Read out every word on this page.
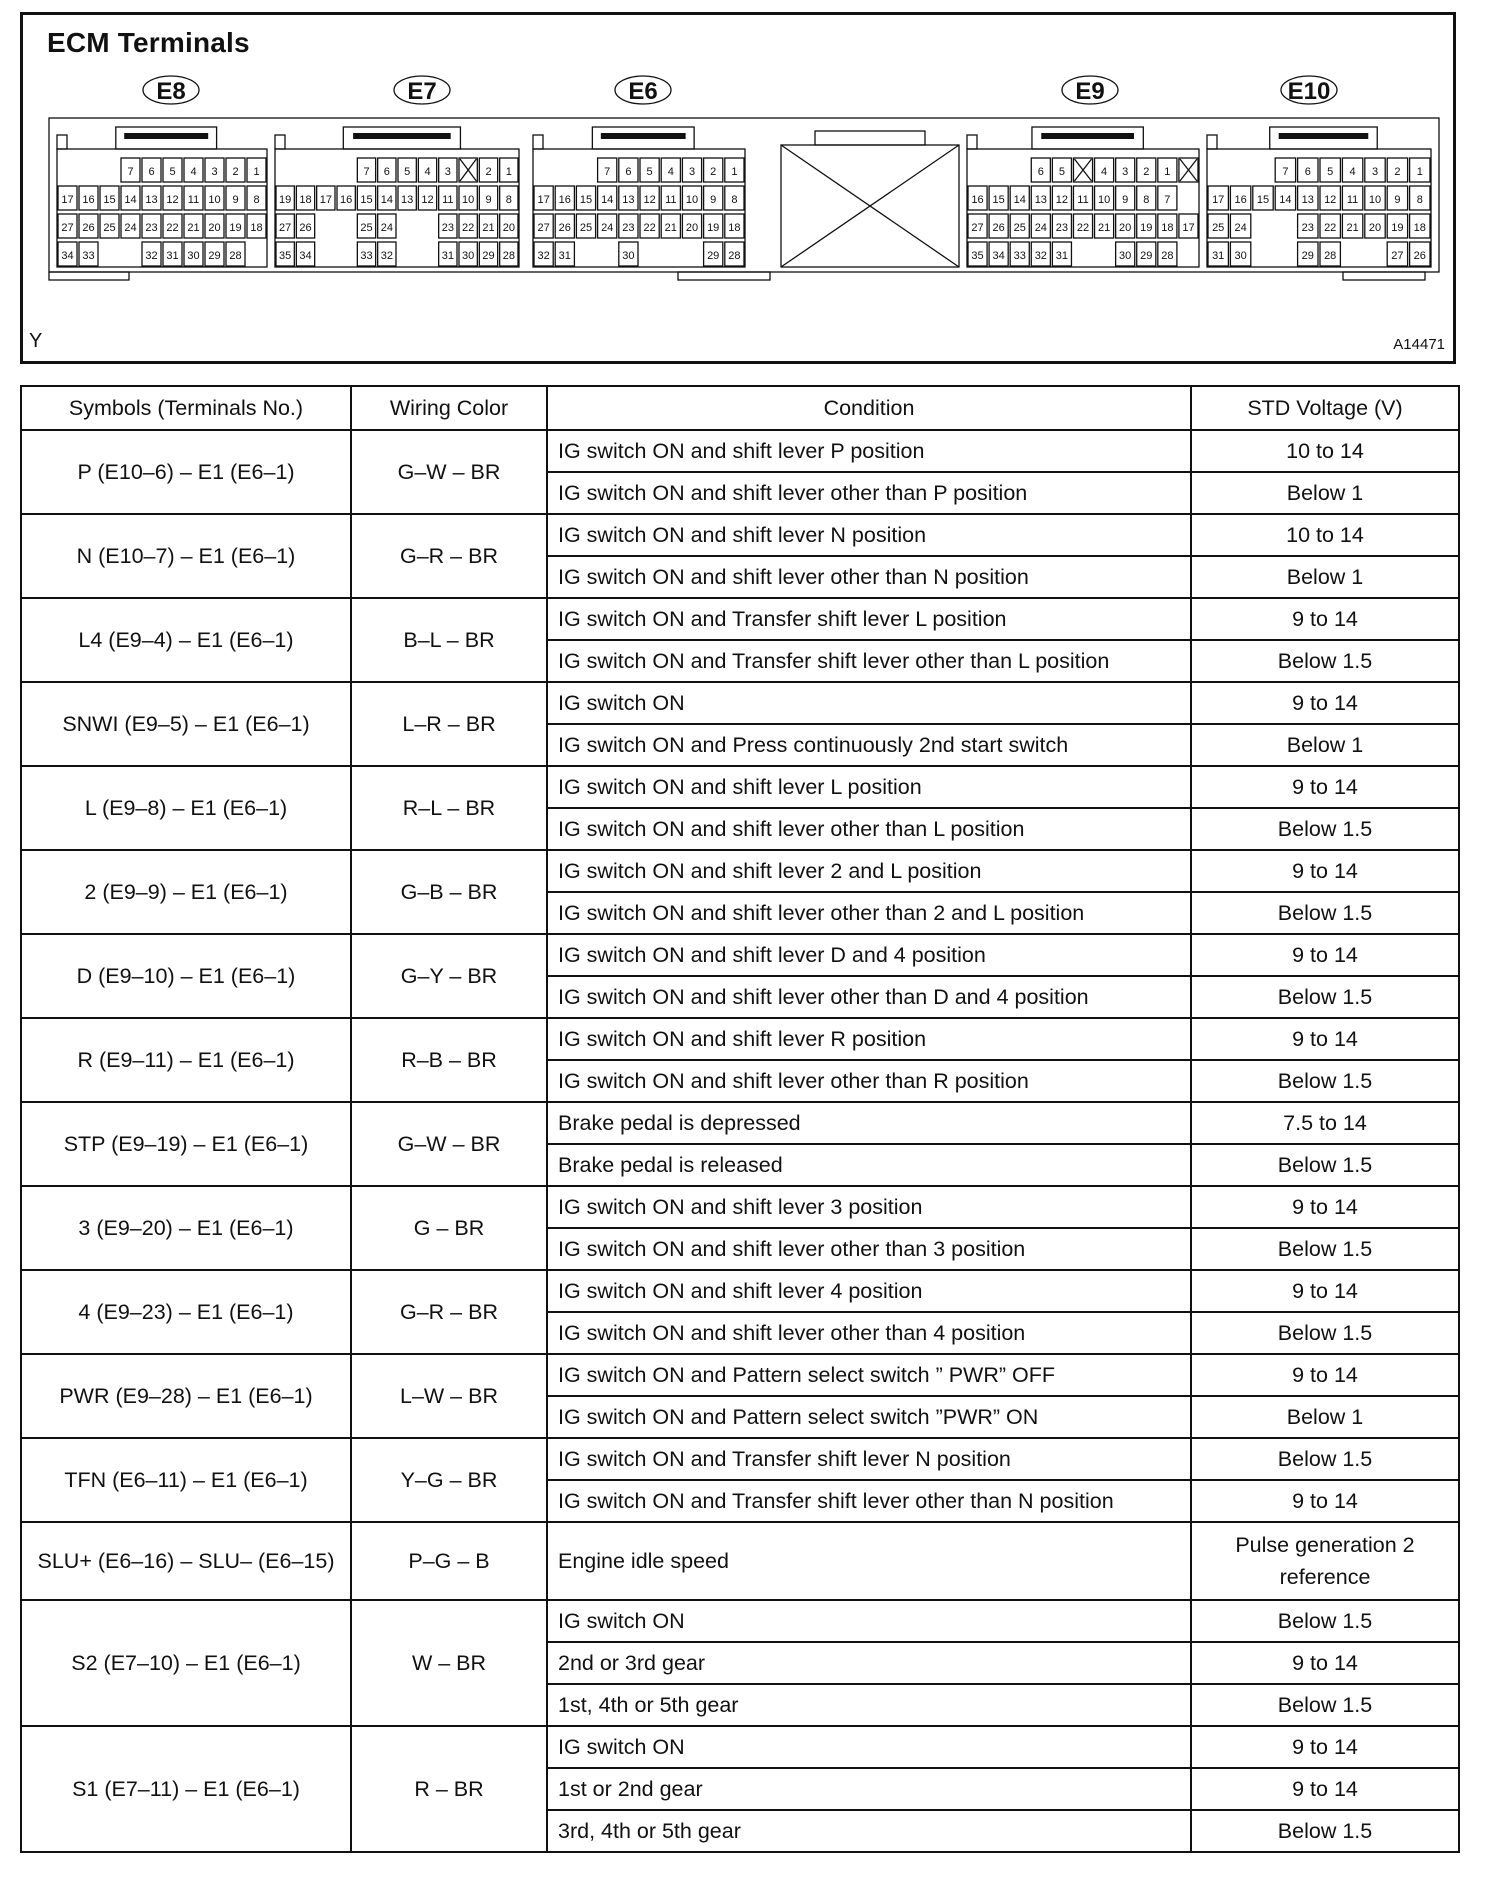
E8
7 6 5 4 3 2 1
17 16 15 14 13 12 11 10 9 8
27 26 25 24 23 22 21 20 19 18
34 33	32 31 30 29 28
E7
7 6 5 4 3	2 1
19 18 17 16 15 14 13 12 11 10 9 8
27 26	25 24	23 22 21 20
35 34	33 32	31 30 29 28
E6
7 6 5 4 3 2 1
17 16 15 14 13 12 11 10 9 8
27 26 25 24 23 22 21 20 19 18
32 31	30	29 28
E9
6 5	4 3 2 1
16 15 14 13 12 11 10 9 8 7
27 26 25 24 23 22 21 20 19 18 17
35 34 33 32 31	30 29 28
E10
7 6 5 4 3 2 1
17 16 15 14 13 12 11 10 9 8
25 24	23 22 21 20 19 18
31 30	29 28	27 26
ECM Terminals
Y	A14471
Symbols (Terminals No.)	Wiring Color	Condition	STD Voltage (V)
P (E10–6) – E1 (E6–1)	G–W – BR	IG switch ON and shift lever P position	10 to 14
		IG switch ON and shift lever other than P position	Below 1
N (E10–7) – E1 (E6–1)	G–R – BR	IG switch ON and shift lever N position	10 to 14
		IG switch ON and shift lever other than N position	Below 1
L4 (E9–4) – E1 (E6–1)	B–L – BR	IG switch ON and Transfer shift lever L position	9 to 14
		IG switch ON and Transfer shift lever other than L position	Below 1.5
SNWI (E9–5) – E1 (E6–1)	L–R – BR	IG switch ON	9 to 14
		IG switch ON and Press continuously 2nd start switch	Below 1
L (E9–8) – E1 (E6–1)	R–L – BR	IG switch ON and shift lever L position	9 to 14
		IG switch ON and shift lever other than L position	Below 1.5
2 (E9–9) – E1 (E6–1)	G–B – BR	IG switch ON and shift lever 2 and L position	9 to 14
		IG switch ON and shift lever other than 2 and L position	Below 1.5
D (E9–10) – E1 (E6–1)	G–Y – BR	IG switch ON and shift lever D and 4 position	9 to 14
		IG switch ON and shift lever other than D and 4 position	Below 1.5
R (E9–11) – E1 (E6–1)	R–B – BR	IG switch ON and shift lever R position	9 to 14
		IG switch ON and shift lever other than R position	Below 1.5
STP (E9–19) – E1 (E6–1)	G–W – BR	Brake pedal is depressed	7.5 to 14
		Brake pedal is released	Below 1.5
3 (E9–20) – E1 (E6–1)	G – BR	IG switch ON and shift lever 3 position	9 to 14
		IG switch ON and shift lever other than 3 position	Below 1.5
4 (E9–23) – E1 (E6–1)	G–R – BR	IG switch ON and shift lever 4 position	9 to 14
		IG switch ON and shift lever other than 4 position	Below 1.5
PWR (E9–28) – E1 (E6–1)	L–W – BR	IG switch ON and Pattern select switch ” PWR” OFF	9 to 14
		IG switch ON and Pattern select switch ”PWR” ON	Below 1
TFN (E6–11) – E1 (E6–1)	Y–G – BR	IG switch ON and Transfer shift lever N position	Below 1.5
		IG switch ON and Transfer shift lever other than N position	9 to 14
SLU+ (E6–16) – SLU– (E6–15)	P–G – B	Engine idle speed	Pulse generation 2 reference
S2 (E7–10) – E1 (E6–1)	W – BR	IG switch ON	Below 1.5
		2nd or 3rd gear	9 to 14
		1st, 4th or 5th gear	Below 1.5
S1 (E7–11) – E1 (E6–1)	R – BR	IG switch ON	9 to 14
		1st or 2nd gear	9 to 14
		3rd, 4th or 5th gear	Below 1.5
